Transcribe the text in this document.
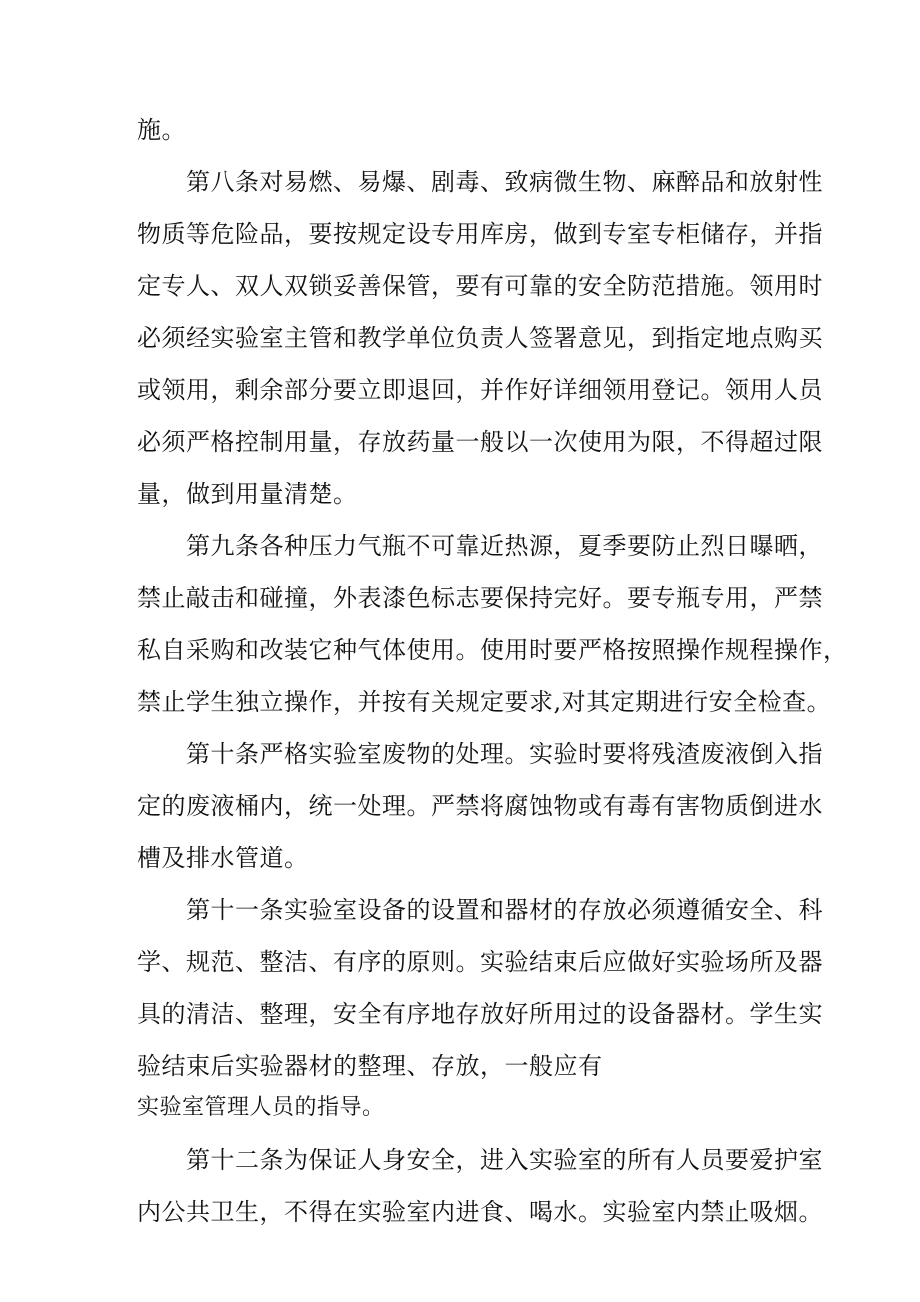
施。
第八条对易燃、易爆、剧毒、致病微生物、麻醉品和放射性
物质等危险品，要按规定设专用库房，做到专室专柜储存，并指
定专人、双人双锁妥善保管，要有可靠的安全防范措施。领用时
必须经实验室主管和教学单位负责人签署意见，到指定地点购买
或领用，剩余部分要立即退回，并作好详细领用登记。领用人员
必须严格控制用量，存放药量一般以一次使用为限，不得超过限
量，做到用量清楚。
第九条各种压力气瓶不可靠近热源，夏季要防止烈日曝晒，
禁止敲击和碰撞，外表漆色标志要保持完好。要专瓶专用，严禁
私自采购和改装它种气体使用。使用时要严格按照操作规程操作，
禁止学生独立操作，并按有关规定要求,对其定期进行安全检查。
第十条严格实验室废物的处理。实验时要将残渣废液倒入指
定的废液桶内，统一处理。严禁将腐蚀物或有毒有害物质倒进水
槽及排水管道。
第十一条实验室设备的设置和器材的存放必须遵循安全、科
学、规范、整洁、有序的原则。实验结束后应做好实验场所及器
具的清洁、整理，安全有序地存放好所用过的设备器材。学生实
验结束后实验器材的整理、存放，一般应有
实验室管理人员的指导。
第十二条为保证人身安全，进入实验室的所有人员要爱护室
内公共卫生，不得在实验室内进食、喝水。实验室内禁止吸烟。
